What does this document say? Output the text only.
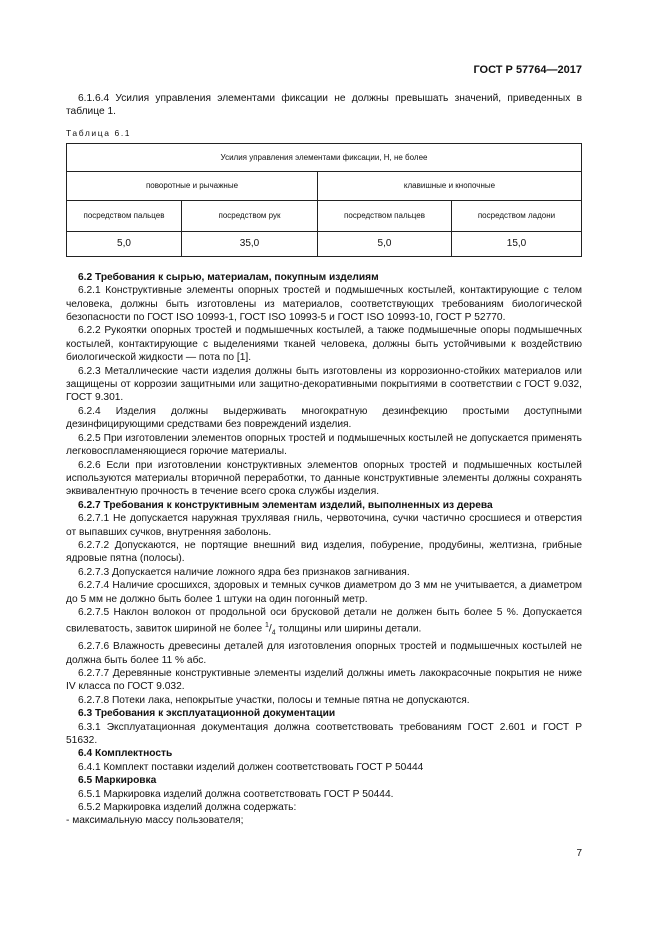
ГОСТ Р 57764—2017

6.1.6.4 Усилия управления элементами фиксации не должны превышать значений, приведенных в таблице 1.

Таблица 6.1
Усилия управления элементами фиксации, Н, не более			
поворотные и рычажные		клавишные и кнопочные	
посредством пальцев	посредством рук	посредством пальцев	посредством ладони
5,0	35,0	5,0	15,0

6.2 Требования к сырью, материалам, покупным изделиям

6.2.1 Конструктивные элементы опорных тростей и подмышечных костылей, контактирующие с телом человека, должны быть изготовлены из материалов, соответствующих требованиям биологической безопасности по ГОСТ ISO 10993-1, ГОСТ ISO 10993-5 и ГОСТ ISO 10993-10, ГОСТ Р 52770.

6.2.2 Рукоятки опорных тростей и подмышечных костылей, а также подмышечные опоры подмышечных костылей, контактирующие с выделениями тканей человека, должны быть устойчивыми к воздействию биологической жидкости — пота по [1].

6.2.3 Металлические части изделия должны быть изготовлены из коррозионно-стойких материалов или защищены от коррозии защитными или защитно-декоративными покрытиями в соответствии с ГОСТ 9.032, ГОСТ 9.301.

6.2.4 Изделия должны выдерживать многократную дезинфекцию простыми доступными дезинфицирующими средствами без повреждений изделия.

6.2.5 При изготовлении элементов опорных тростей и подмышечных костылей не допускается применять легковоспламеняющиеся горючие материалы.

6.2.6 Если при изготовлении конструктивных элементов опорных тростей и подмышечных костылей используются материалы вторичной переработки, то данные конструктивные элементы должны сохранять эквивалентную прочность в течение всего срока службы изделия.

6.2.7 Требования к конструктивным элементам изделий, выполненных из дерева

6.2.7.1 Не допускается наружная трухлявая гниль, червоточина, сучки частично сросшиеся и отверстия от выпавших сучков, внутренняя заболонь.

6.2.7.2 Допускаются, не портящие внешний вид изделия, побурение, продубины, желтизна, грибные ядровые пятна (полосы).

6.2.7.3 Допускается наличие ложного ядра без признаков загнивания.

6.2.7.4 Наличие сросшихся, здоровых и темных сучков диаметром до 3 мм не учитывается, а диаметром до 5 мм не должно быть более 1 штуки на один погонный метр.

6.2.7.5 Наклон волокон от продольной оси брусковой детали не должен быть более 5 %. Допускается свилеватость, завиток шириной не более $^1/_4$ толщины или ширины детали.

6.2.7.6 Влажность древесины деталей для изготовления опорных тростей и подмышечных костылей не должна быть более 11 % абс.

6.2.7.7 Деревянные конструктивные элементы изделий должны иметь лакокрасочные покрытия не ниже IV класса по ГОСТ 9.032.

6.2.7.8 Потеки лака, непокрытые участки, полосы и темные пятна не допускаются.

6.3 Требования к эксплуатационной документации

6.3.1 Эксплуатационная документация должна соответствовать требованиям ГОСТ 2.601 и ГОСТ Р 51632.

6.4 Комплектность

6.4.1 Комплект поставки изделий должен соответствовать ГОСТ Р 50444

6.5 Маркировка

6.5.1 Маркировка изделий должна соответствовать ГОСТ Р 50444.

6.5.2 Маркировка изделий должна содержать:

- максимальную массу пользователя;

7
